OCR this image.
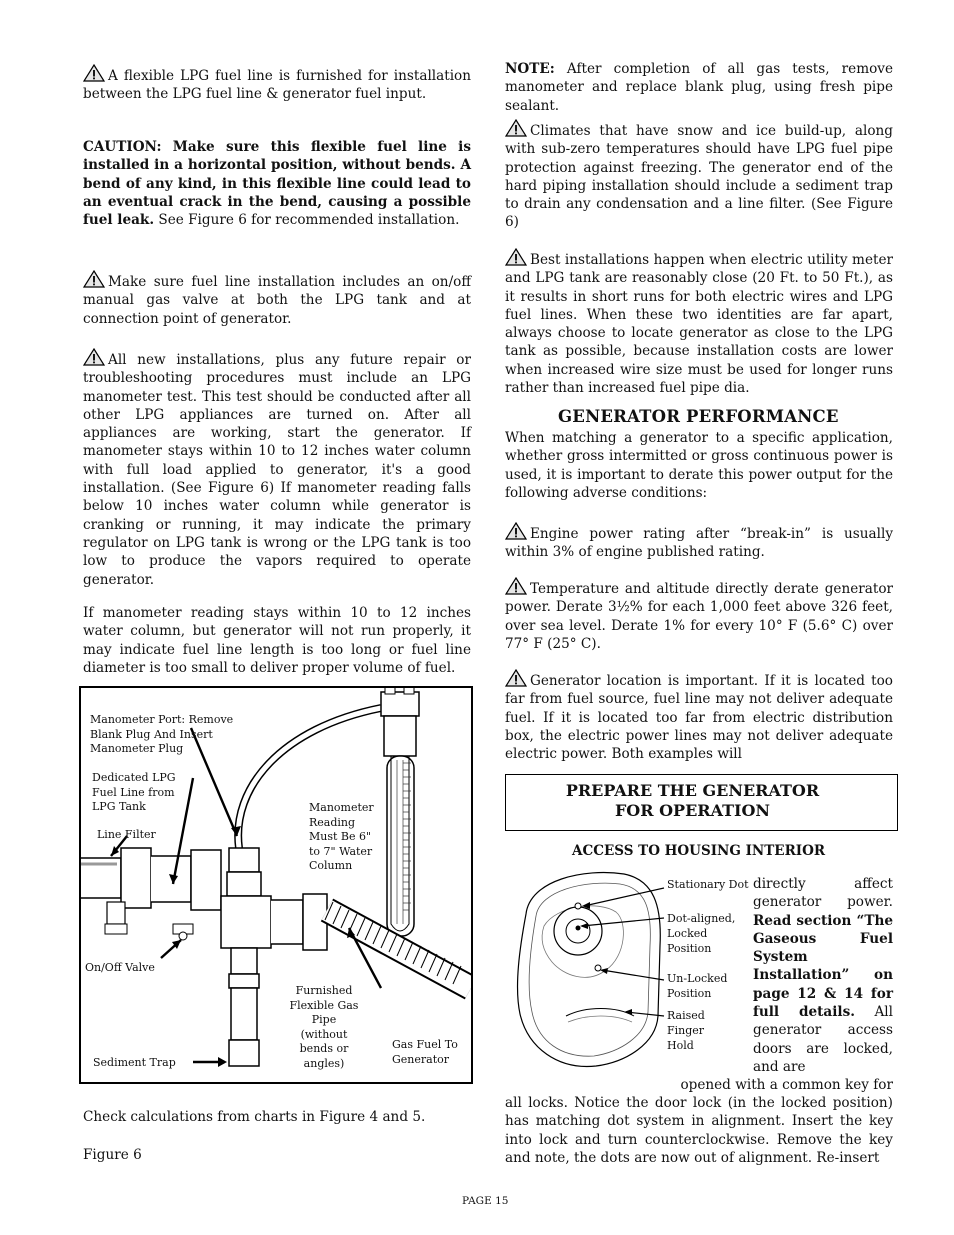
A flexible LPG fuel line is furnished for installation between the LPG fuel line & generator fuel input.
CAUTION: Make sure this flexible fuel line is installed in a horizontal position, without bends. A bend of any kind, in this flexible line could lead to an eventual crack in the bend, causing a possible fuel leak. See Figure 6 for recommended installation.
Make sure fuel line installation includes an on/off manual gas valve at both the LPG tank and at connection point of generator.
All new installations, plus any future repair or troubleshooting procedures must include an LPG manometer test. This test should be conducted after all other LPG appliances are turned on. After all appliances are working, start the generator. If manometer stays within 10 to 12 inches water column with full load applied to generator, it's a good installation. (See Figure 6) If manometer reading falls below 10 inches water column while generator is cranking or running, it may indicate the primary regulator on LPG tank is wrong or the LPG tank is too low to produce the vapors required to operate generator.
If manometer reading stays within 10 to 12 inches water column, but generator will not run properly, it may indicate fuel line length is too long or fuel line diameter is too small to deliver proper volume of fuel.
Manometer Port: Remove Blank Plug And Insert Manometer Plug
Dedicated LPG Fuel Line from LPG Tank
Line Filter
On/Off Valve
Sediment Trap
Manometer Reading Must Be 6" to 7" Water Column
Furnished Flexible Gas Pipe (without bends or angles)
Gas Fuel To Generator
Check calculations from charts in Figure 4 and 5.
Figure 6
NOTE: After completion of all gas tests, remove manometer and replace blank plug, using fresh pipe sealant.
Climates that have snow and ice build-up, along with sub-zero temperatures should have LPG fuel pipe protection against freezing. The generator end of the hard piping installation should include a sediment trap to drain any condensation and a line filter. (See Figure 6)
Best installations happen when electric utility meter and LPG tank are reasonably close (20 Ft. to 50 Ft.), as it results in short runs for both electric wires and LPG fuel lines. When these two identities are far apart, always choose to locate generator as close to the LPG tank as possible, because installation costs are lower when increased wire size must be used for longer runs rather than increased fuel pipe dia.
GENERATOR PERFORMANCE
When matching a generator to a specific application, whether gross intermitted or gross continuous power is used, it is important to derate this power output for the following adverse conditions:
Engine power rating after “break-in” is usually within 3% of engine published rating.
Temperature and altitude directly derate generator power. Derate 3½% for each 1,000 feet above 326 feet, over sea level. Derate 1% for every 10° F (5.6° C) over 77° F (25° C).
Generator location is important. If it is located too far from fuel source, fuel line may not deliver adequate fuel. If it is located too far from electric distribution box, the electric power lines may not deliver adequate electric power. Both examples will
PREPARE THE GENERATOR
FOR OPERATION
ACCESS TO HOUSING INTERIOR
Stationary Dot
Dot-aligned, Locked Position
Un-Locked Position
Raised Finger Hold
directly affect generator power. Read section “The Gaseous Fuel System Installation” on page 12 & 14 for full details. All generator access doors are locked, and are
opened with a common key for
all locks. Notice the door lock (in the locked position) has matching dot system in alignment. Insert the key into lock and turn counterclockwise. Remove the key and note, the dots are now out of alignment. Re-insert
PAGE 15
